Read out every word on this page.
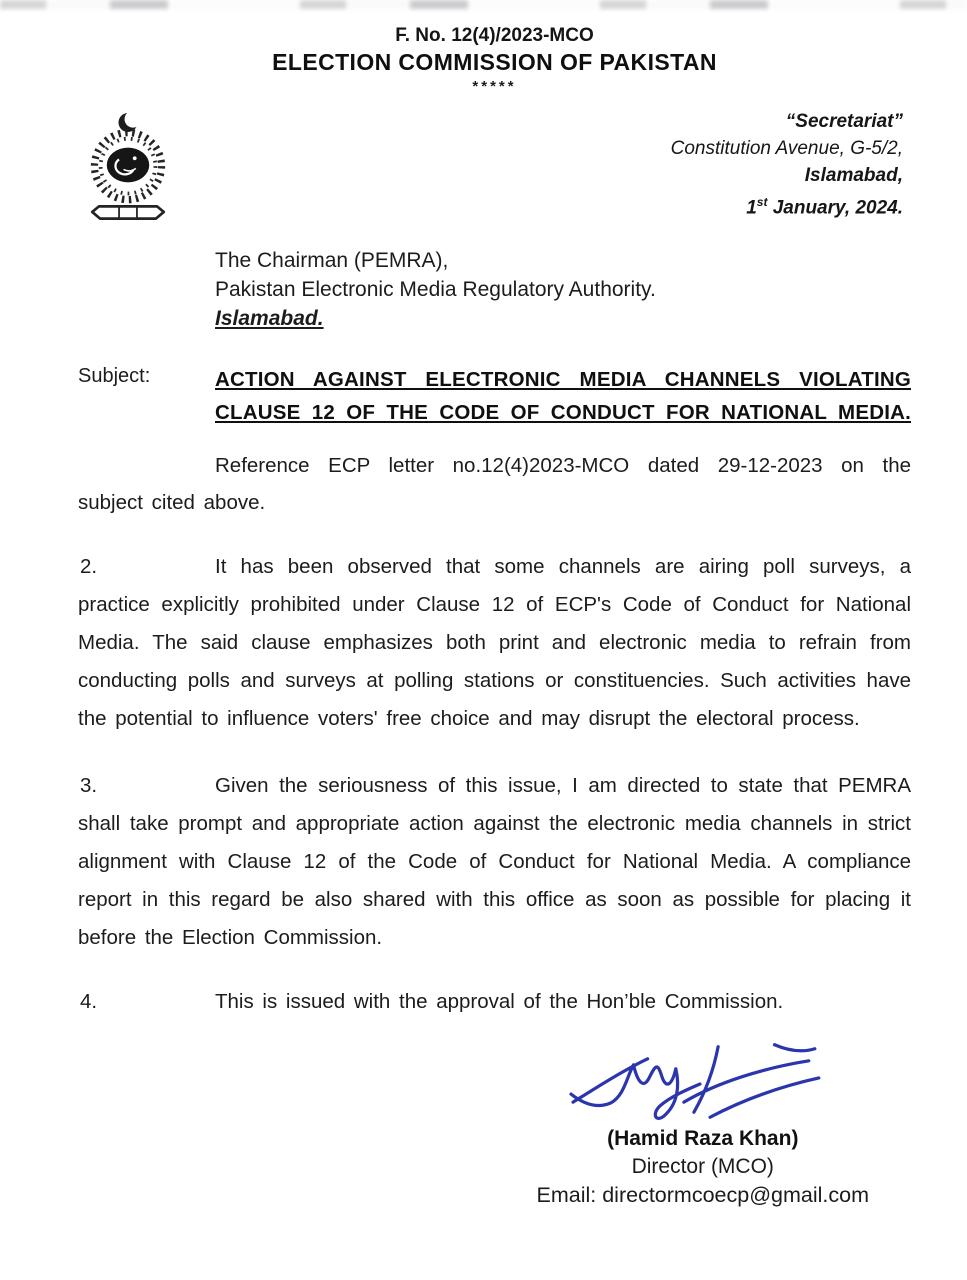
F. No. 12(4)/2023-MCO
ELECTION COMMISSION OF PAKISTAN
*****
“Secretariat”
Constitution Avenue, G-5/2,
Islamabad,
1st January, 2024.
The Chairman (PEMRA),
Pakistan Electronic Media Regulatory Authority.
Islamabad.
Subject:	ACTION AGAINST ELECTRONIC MEDIA CHANNELS VIOLATING CLAUSE 12 OF THE CODE OF CONDUCT FOR NATIONAL MEDIA.

Reference ECP letter no.12(4)2023-MCO dated 29-12-2023 on the subject cited above.

2.	It has been observed that some channels are airing poll surveys, a practice explicitly prohibited under Clause 12 of ECP's Code of Conduct for National Media. The said clause emphasizes both print and electronic media to refrain from conducting polls and surveys at polling stations or constituencies. Such activities have the potential to influence voters' free choice and may disrupt the electoral process.

3.	Given the seriousness of this issue, I am directed to state that PEMRA shall take prompt and appropriate action against the electronic media channels in strict alignment with Clause 12 of the Code of Conduct for National Media. A compliance report in this regard be also shared with this office as soon as possible for placing it before the Election Commission.

4.	This is issued with the approval of the Hon’ble Commission.

(Hamid Raza Khan)
Director (MCO)
Email: directormcoecp@gmail.com
